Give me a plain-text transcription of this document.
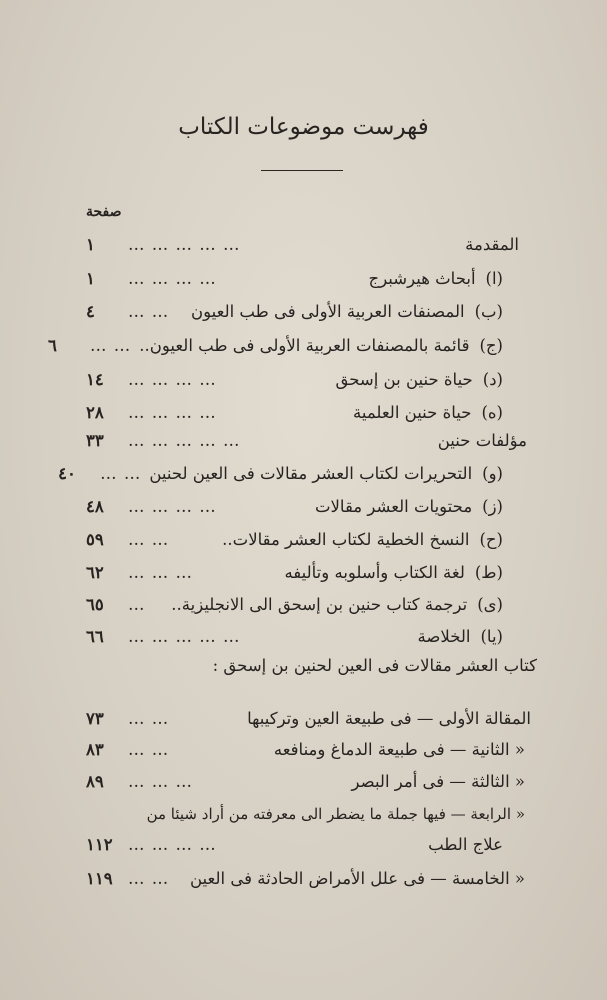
فهرست موضوعات الكتاب
صفحة
المقدمة
… … … … …
١
(ا)
أبحاث هيرشبرج
… … … …
١
(ب)
المصنفات العربية الأولى فى طب العيون
… …
٤
(ج)
قائمة بالمصنفات العربية الأولى فى طب العيون..
… …
٦
(د)
حياة حنين بن إسحق
… … … …
١٤
(ه)
حياة حنين العلمية
… … … …
٢٨
مؤلفات حنين
… … … … …
٣٣
(و)
التحريرات لكتاب العشر مقالات فى العين لحنين
… …
٤٠
(ز)
محتويات العشر مقالات
… … … …
٤٨
(ح)
النسخ الخطية لكتاب العشر مقالات..
… …
٥٩
(ط)
لغة الكتاب وأسلوبه وتأليفه
… … …
٦٢
(ى)
ترجمة كتاب حنين بن إسحق الى الانجليزية..
…
٦٥
(يا)
الخلاصة
… … … … …
٦٦
كتاب العشر مقالات فى العين لحنين بن إسحق :
المقالة الأولى — فى طبيعة العين وتركيبها
… …
٧٣
« الثانية — فى طبيعة الدماغ ومنافعه
… …
٨٣
« الثالثة — فى أمر البصر
… … …
٨٩
« الرابعة — فيها جملة ما يضطر الى معرفته من أراد شيئا من
علاج الطب
… … … …
١١٢
« الخامسة — فى علل الأمراض الحادثة فى العين
… …
١١٩
